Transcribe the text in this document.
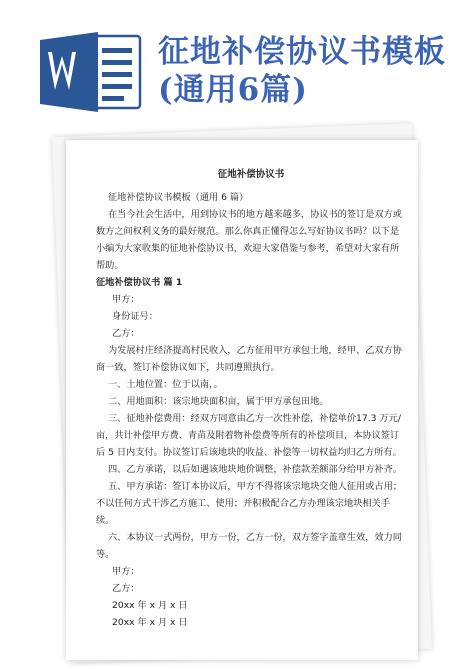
征地补偿协议书模板(通用6篇)
征地补偿协议书

征地补偿协议书模板（通用 6 篇）

在当今社会生活中，用到协议书的地方越来越多，协议书的签订是双方或数方之间权利义务的最好规范。那么你真正懂得怎么写好协议书吗？以下是小编为大家收集的征地补偿协议书，欢迎大家借鉴与参考，希望对大家有所帮助。

征地补偿协议书 篇 1

甲方：

身份证号：

乙方：

为发展村庄经济提高村民收入，乙方征用甲方承包土地，经甲、乙双方协商一致，签订补偿协议如下，共同遵照执行。

一、土地位置：位于以南，。

二、用地面积：该宗地块面积亩，属于甲方承包田地。

三、征地补偿费用：经双方同意由乙方一次性补偿，补偿单价17.3 万元/亩，共计补偿甲方费、青苗及附着物补偿费等所有的补偿项目，本协议签订后 5 日内支付。协议签订后该地块的收益、补偿等一切权益均归乙方所有。

四、乙方承诺，以后如遇该地块地价调整，补偿款差额部分给甲方补齐。

五、甲方承诺：签订本协议后，甲方不得将该宗地块交他人征用或占用；不以任何方式干涉乙方施工、使用；并积极配合乙方办理该宗地块相关手续。

六、本协议一式两份，甲方一份，乙方一份，双方签字盖章生效，效力同等。

甲方：

乙方：

20xx 年 x 月 x 日

20xx 年 x 月 x 日
